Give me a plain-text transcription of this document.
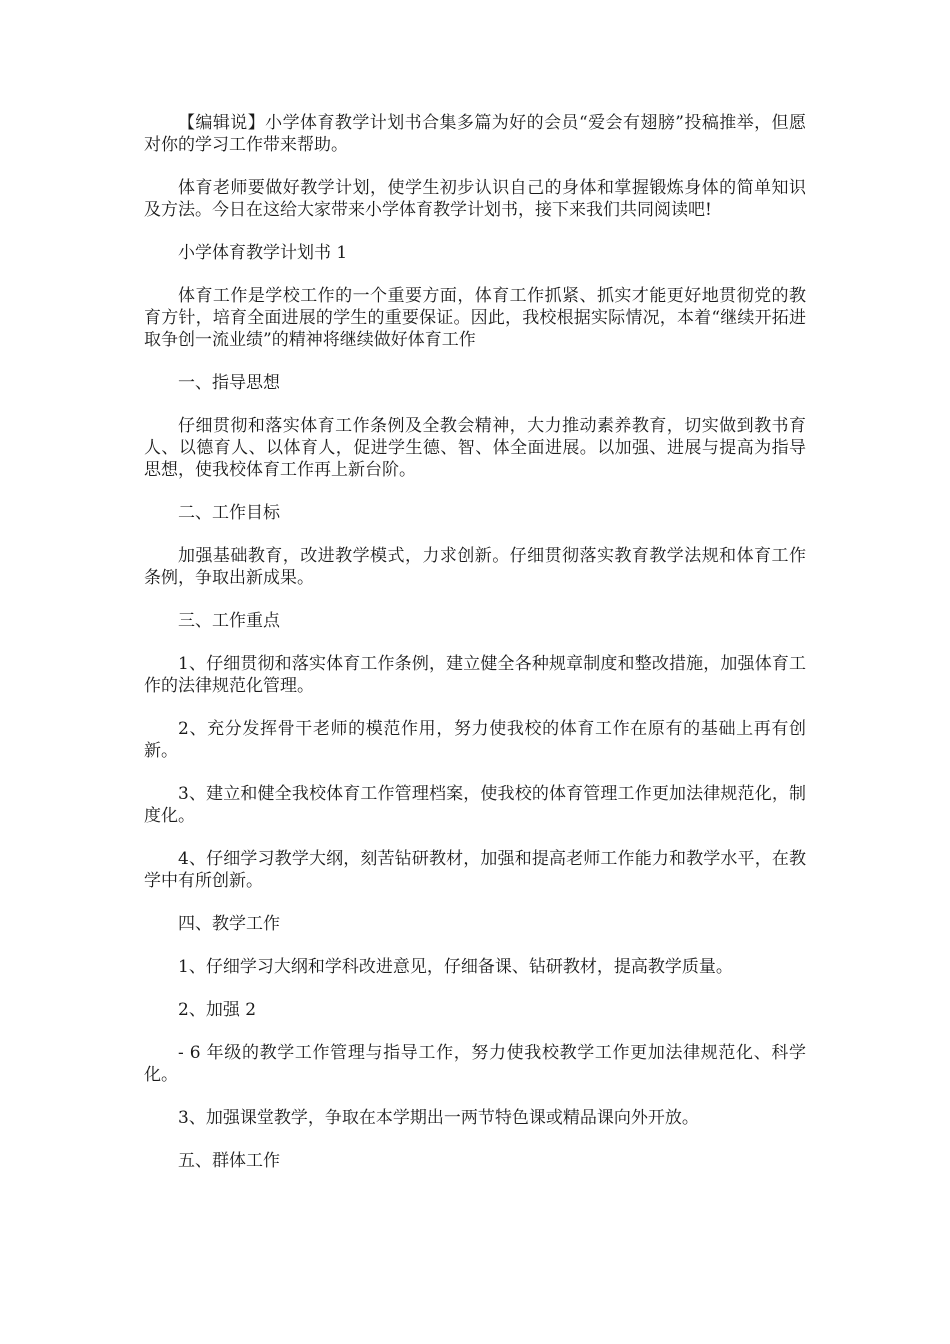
【编辑说】小学体育教学计划书合集多篇为好的会员“爱会有翅膀”投稿推举，但愿对你的学习工作带来帮助。

体育老师要做好教学计划，使学生初步认识自己的身体和掌握锻炼身体的简单知识及方法。今日在这给大家带来小学体育教学计划书，接下来我们共同阅读吧!

小学体育教学计划书 1

体育工作是学校工作的一个重要方面，体育工作抓紧、抓实才能更好地贯彻党的教育方针，培育全面进展的学生的重要保证。因此，我校根据实际情况，本着“继续开拓进取争创一流业绩”的精神将继续做好体育工作

一、指导思想

仔细贯彻和落实体育工作条例及全教会精神，大力推动素养教育，切实做到教书育人、以德育人、以体育人，促进学生德、智、体全面进展。以加强、进展与提高为指导思想，使我校体育工作再上新台阶。

二、工作目标

加强基础教育，改进教学模式，力求创新。仔细贯彻落实教育教学法规和体育工作条例，争取出新成果。

三、工作重点

1、仔细贯彻和落实体育工作条例，建立健全各种规章制度和整改措施，加强体育工作的法律规范化管理。

2、充分发挥骨干老师的模范作用，努力使我校的体育工作在原有的基础上再有创新。

3、建立和健全我校体育工作管理档案，使我校的体育管理工作更加法律规范化，制度化。

4、仔细学习教学大纲，刻苦钻研教材，加强和提高老师工作能力和教学水平，在教学中有所创新。

四、教学工作

1、仔细学习大纲和学科改进意见，仔细备课、钻研教材，提高教学质量。

2、加强 2

- 6 年级的教学工作管理与指导工作，努力使我校教学工作更加法律规范化、科学化。

3、加强课堂教学，争取在本学期出一两节特色课或精品课向外开放。

五、群体工作
